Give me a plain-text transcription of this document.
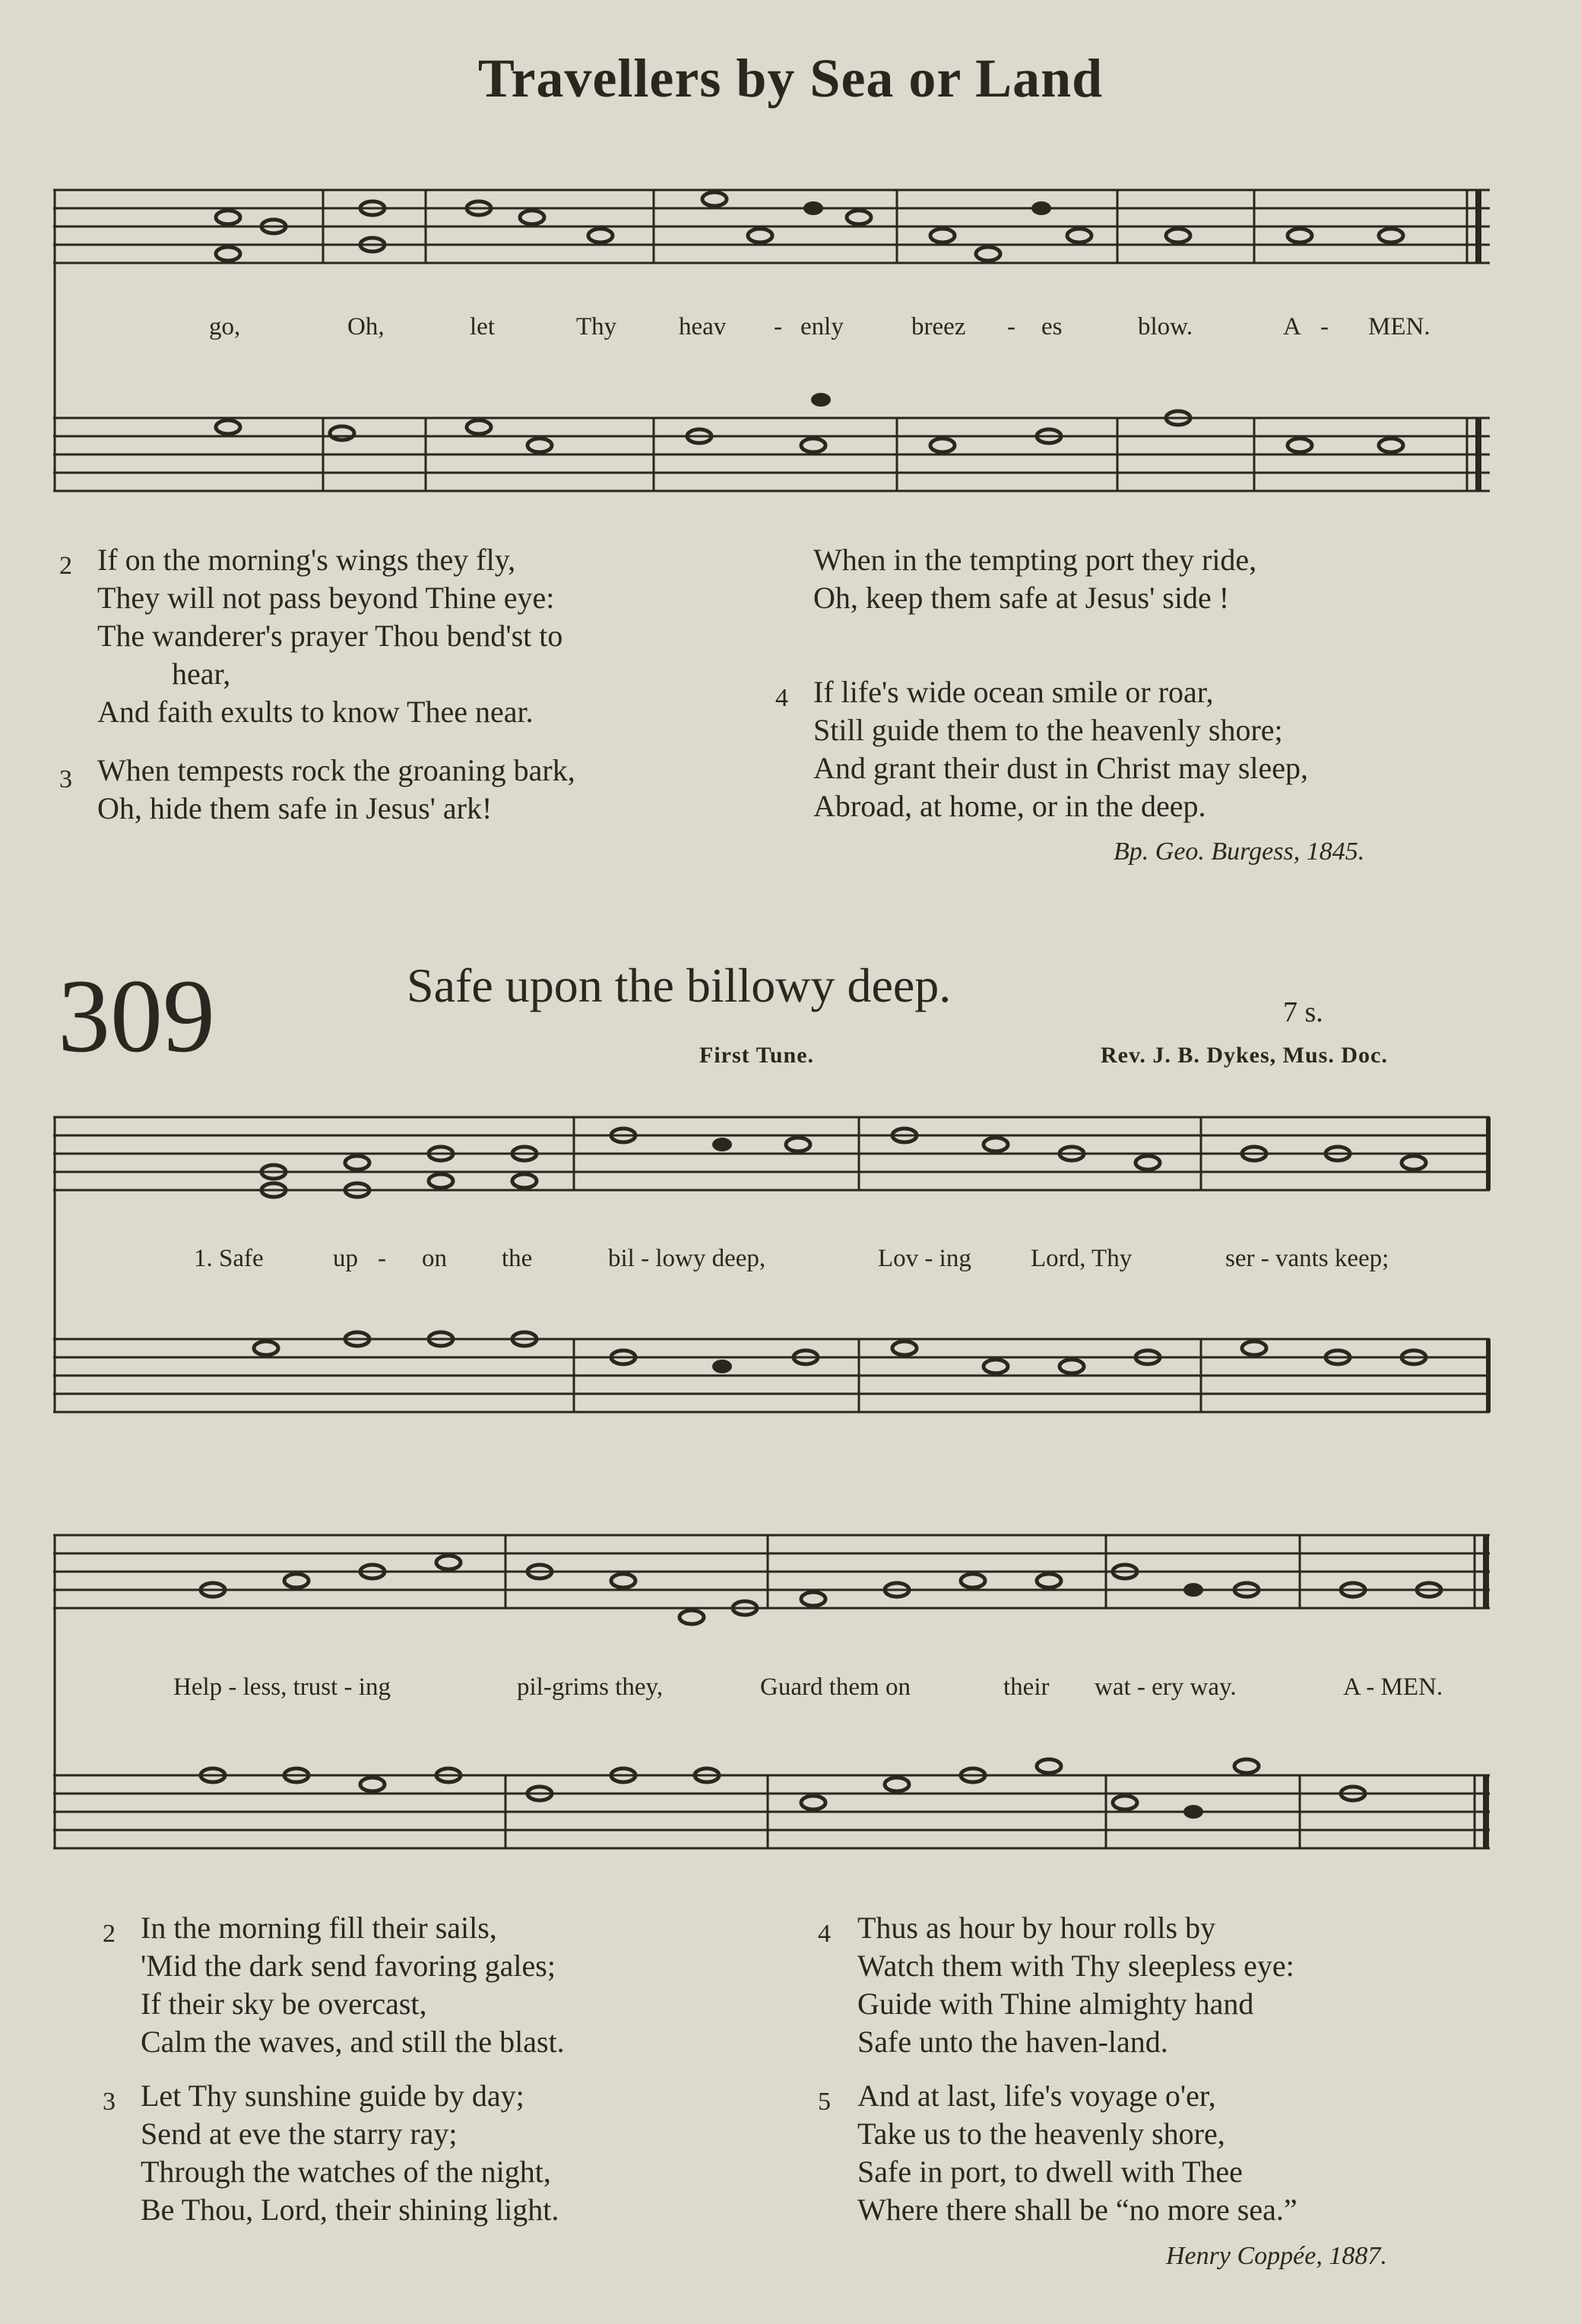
Travellers by Sea or Land
go,	Oh,	let	Thy heav - enly	breez - es	blow.	A - MEN.
2 If on the morning's wings they fly,
They will not pass beyond Thine eye:
The wanderer's prayer Thou bend'st to
hear,
And faith exults to know Thee near.
3 When tempests rock the groaning bark,
Oh, hide them safe in Jesus' ark!
When in the tempting port they ride,
Oh, keep them safe at Jesus' side !
4 If life's wide ocean smile or roar,
Still guide them to the heavenly shore;
And grant their dust in Christ may sleep,
Abroad, at home, or in the deep.
Bp. Geo. Burgess, 1845.
309	Safe upon the billowy deep.	7 s.
First Tune.	Rev. J. B. Dykes, Mus. Doc.
1. Safe	up - on the	bil - lowy deep,	Lov - ing Lord, Thy	ser - vants keep;
Help - less, trust - ing	pil-grims they,	Guard them on	their wat - ery way.	A - MEN.
2 In the morning fill their sails,
'Mid the dark send favoring gales;
If their sky be overcast,
Calm the waves, and still the blast.
3 Let Thy sunshine guide by day;
Send at eve the starry ray;
Through the watches of the night,
Be Thou, Lord, their shining light.
4 Thus as hour by hour rolls by
Watch them with Thy sleepless eye:
Guide with Thine almighty hand
Safe unto the haven-land.
5 And at last, life's voyage o'er,
Take us to the heavenly shore,
Safe in port, to dwell with Thee
Where there shall be “no more sea.”
Henry Coppée, 1887.
